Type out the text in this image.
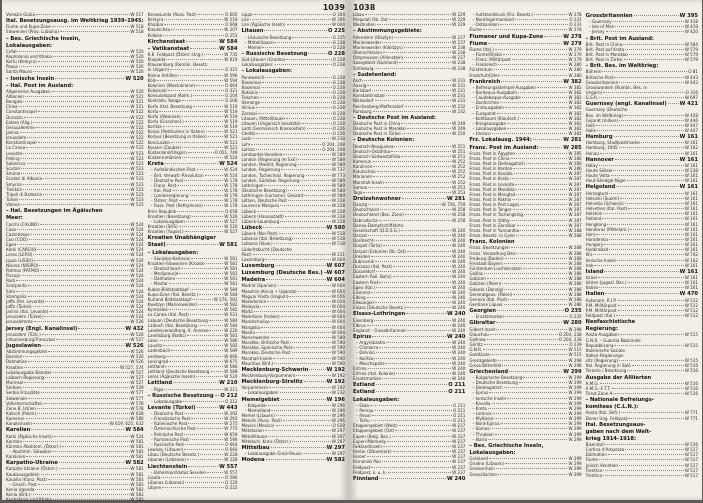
1039
Venezia Giulia	W 517
Ital. Besetzungsausg. im Weltkrieg 1939–1945:
Fiume und Kupa-Zone	W 518
Slowenien (Prov. Lubiana)	W 518
– Bes. Griechische Inseln,
Lokalausgaben:
Cefal	W 520
Kephalonia und Ithaka	W 520
Korfu (Kerkyra)	W 520
Paxos	W 520
Santa Maura	W 520
– Ionische Inseln	W 520
– Ital. Post im Ausland:
Allgemeine Ausgaben	W 520
Albanien	W 521
Bengasi	W 521
China	W 521
Constantinopel	W 522
Durazzo	W 522
Estero (Alig.)	W 522
Gerusalemme	W 522
Janina	W 522
Jerusalem	W 522
Konstantinopel	W 522
La Canea	W 522
Levante	W 523
Peking	W 523
Salonicco	W 523
Scutari	W 523
Smirne	W 523
Scutari di Albania	W 523
Smyrna	W 523
Tientsin	W 523
Tripoli di Barberia	W 523
Türkei	W 523
Valona	W 523
– Ital. Besetzungen im Ägäischen
Meer:
Carchi (CALINO)	W 524
Caso	W 524
Castelrosso	W 524
Coo (COO)	W 524
Egeo	W 524
Karki (CARCHI)	W 524
Leros (LERO)	W 524
Lipso (LISSO)	W 524
Nisiros (NISIRO)	W 524
Patmos (PATMO)	W 524
Piscopi	W 524
Rodi	W 524
Scarpanto	W 524
Simi	W 524
Stampalia	W 524
Jaffa (Pal. Levante)	W 524
Jaffa (Türkei)	W 524
Janina (Ital. Levante)	W 524
Jerusalem (Türkei)	W 524
Jerusalemme	W 526
Jersey (Engl. Kanalinsel)	W 432
Jerusalem (Türk.)	W 526
Johannesburg/Transvaal	W 527
Jugoslawien	W 526
Abstimmungsgebiet	W 526
Bosnien	W 526
Dalmatien	W 526
Kroatien	W 527, 574
Lokalausgabe Banater	W 527
Laibach-Regierung	W 527
Murinsel	W 527
Serbien	W 529
Serbia Frzusätze	W 577
Slowenien	W 577
Volksherrschaften	W 578
Zone B, Istrien	W 578
Kalisch (Polen)	W 628
Kamerun	W 580
Kanaleinseln	W 619, 625, 632
Karelien	W 584
Karki (Ägäische Inseln)	W 524
Karnten	W 581
Kärnten Abstimm. (Österr.)	W 581
– Abstimm. Slowakei	W 581
Karolinen	W 581
Karpatho-Ukraine	W 582
Karpato-Ukraine (Österr.)	W 581
Kaukasusgebiet	W 582
Kavalla (franz. Post)	W 583
– Griech. Post	W 583
Kenia Uganda	W 583
Kenia (Brit.)	W 583
Kephalonia und Ithaka	W 583
Kerassunde (Russ. Post)	O 665
Kerkyra	W 519
Khaibar	O 668
Kiautschou	W 207
Kilikien	O 253
Kirchenstaat	W 584
– Vatikanstaat	W 584
K.K. Feldpost (Österr.-Ung.)	W 735
Klaipėda	W 619
Klausenburg (Rumän. Besetz.
in Ungarn)	O 315
Kleine Antillen	W 596
Köln	W 594
Kolonien (Westukraine)	O 664
Kolozsvár	O 321
Konsulatspost (Kolm.)	O 204
Kontrolle, Kongo	O 206
Korfu (Ital. Besetzung	W 519
Korfu	W 519
Korfu (Albanien)	W 519
Korfu (Griechenl.)	W 519
Koritza	W 519
Korpa (Postkarten in Italien)	W 521
Korpus (Besetzung in Italien)	W 521
Kosciuszko	W 521
Kossen (Zauber)	W 521
Küstenland/Ungarn	O 651, 749
Küstenrumänien	W 524
Kreta	W 524
– Aufständischen-Post	W 524
– Brit. Verwalt.-Revolution	W 524
– Deutsche Post	W 178
– Franz. Post	W 178
– Ital. Post	W 178
– Landesregierung	W 178
– Österr. Post	W 178
– Russ. Post (Rethymnon)	W 178
Krim Republik	O 658
Kroatien (Besetzung)	W 526
– Lokalausgaben	W 527
Kroatien (SHS)	W 526
Kroatien (Yugosl.)	W 527
Kroatien Unabhängiger
Staat)	W 581
– Lokalausgaben:
– Slunjsko-Karlovac	W 581
Kroatien-Slawonien (Kroatie	W 581
– Deutschland	W 581
– Medjumurje	W 581
– Dalmatien	W 581
– Mostar	W 581
Kuban-Bildstaatkopf	W 584
Kupa-Zone (Ital. Besetz.)	W 584
Kurland Bildstaatkopf	W 176, 581
Kwidzyn (Marienwerder)	W 582
Kyrenaika	W 582
La Canea (Ital. Post)	W 521
Labuan (Deutsche Besetzung	W 584
Laibach (Ital. Besetzung	W 584
Landesverwaltung, K. Annexe	W 220
Landisburg (Baltic)	W 581
Laos	W 586
Lausitz	W 582
Ladenbach	W 589
Lemberg	W 666
Leningrad	W 675
Lettland	W 586
Lettland (Deutsche Besetzung	W 588
Leros (Ägäische Inseln)	W 524
Lettland	W 210
– Riga	W 211
– Russische Besetzung O 212
– Lokalausgabe	O 212
Levante (Türkei)	W 443
– Deutsche Post	W 292
– Französische Post	W 264
– Italienische Post	W 275
– Österreichische Post	W 775
– Polnische Post	W 659
– Rumänische Post	W 596
– Russische Post	O 664
Lewissy (Litauen)	O 660
Libau (Deutsche Besetz.)	W 228
Libanon (Lebanon)	W 228
Liechtenstein	W 557
– Bohemian/Vaduz Sevelen	W 557
Liauta	O 586
Libanus (Libanon)	O 220
Libyen	O 222
Lippe	O 304
Lire	W 306
Lire (Ägäische Inseln)	W 604
Litauen	O 225
– Litauische Besetzung	O 225
– Mittellitauen	O 228
– Memel	O 228
– Russische Besetzung	O 228
Süd-Litauen (Grodno)	O 228
Lokalausgaben:	O 228
– Lokalausgaben:
Ponewesch	O 228
Rasseinai	O 228
Raseiniai	O 228
Rokiskis	O 228
Telschen	O 228
Ukmerge	O 228
Vilnius	O 228
Zarasai	O 228
Litauen, Mittellitauen	O 228
Litauen (Ungarisch besetzte)	O 228
Lodz (Germanisch Krasnostam)	O 226
Ghetto	O 226
Lodz	W 238
Lohr	O 204, 208
Lomza	O 204, 208
Lombardei-Venetien	W 589
London (Regierung im Exil)	W 589
London, Madrid, Regierung	W 589
London, Regierung	W 737
London, Tschechosl. Regierung	W 773
London, Südslaw. Regierung	W 589
Lothringen	W 589
(Deutsche Besetzung)	W 589
Lothringen (Lorraine), Gesamt	W 589
Lötzen, Deutsche Post	W 228
Lourenco Marques	W 228
Lübeck	W 228
Lübeck (Hansastadt)	W 228
Lübeck-Lauenburg	W 228
Lübeck	W 580
Lübeck (Nor Post)	W 518
Lubiana (Ital. Besetzung)	W 518
Lubiana (Slow.)	W 518
Lüderitzbucht (Deutsche
Post)	W 211
Luxemburg	W 604
Luxemburg	W 607
Luxemburg (Deutsche Bes.) W 607
Madeira	W 604
Madrid (Spanien)	W 604
Maestrie (Kenia + Uganda)	W 604
Magyar Posta (Ungarn)	W 656
Makedonien	W 604
Malaysia	W 604
Malta	W 604
Malediven (Indien)	W 604
Mandschukuo	W 604
Mangolia	W 604
Manila	W 604
Marienwerder	W 589
Marokko, Britische Post	W 590
Marokko, Spanische Post	W 590
Marokko, Deutsche Post	W 590
Marshall-Inseln	W 590
Mauritius (Brit.)	W 590
Mecklenburg-Schwerin	W 192
Mecklenburg-Vorpommern	W 192
Mecklenburg-Strelitz	W 192
Vorpommern	W 192
– Lokalausgaben	W 232
Memelgebiet	W 196
– Klaipeda	W 296
– Memelland	W 296
Memel (Litauen)	W 296
Metelin (Russ. Post)	W 296
Mexico (Mexico)	O 628
Mittelasien	W 297
Mittellitauen	W 297
Mittelsch. Kreis (Österr.)	W 297
Mittelbau	W 297
– Lokalausgabe Greiz-Reuss	W 297
Modena	W 582
1038
Libau	W 229
Pergolati Ob. Ost	W 229
Westindien	W 229
– Abstimmungsgebiete:
Allenstein (Olsztyn)	W 237
Marienwerder	W 237
Marienwerder (Kwidzyn)	W 238
Oberschlesien	W 238
Ostpreussen (Allenstein)	W 237
Saargebiet (Saarland)	W 238
Schleswig	W 238
– Sudetenland:
Asch	W 231
Aussig	W 231
Karlsbad	W 231
Konstantinsbad	W 231
Niklasdorf	W 231
Reichenberg-Maffersdorf	W 232
Rumburg	W 232
– Deutsche Post im Ausland:
Deutsche Post in China	W 249
Deutsche Post in Marokko	W 249
Deutsche Post in Türkei	W 250
– Deutsche Kolonien:
Deutsch-Neuguinea	W 251
Deutsch-Ostafrika	W 251
Deutsch-Südwestafrika	W 251
Kamerun	W 252
Karolinen	W 252
Kiautschou	W 252
Marianen	W 252
Marshall-Inseln	W 252
Samoa	W 253
Togo	W 253
Dreizehnwohner	W 281
Danzig	W 756, 759
Deutschland	W 258
Deutschland (Bes. Zone)	W 258
Dobrudscha	W 258
Donau-Dampfschiffahrts-
Gesellschaft (D.D.S.G.)	W 240
Dorpat	W 240
Dordrecht	W 240
Dorpat (Tartu)	W 240
Dorpat (Estonien Ob. Ost)	W 240
Dresden	W 240
Dubrovnik	W 240
Durazzo (Ital. Post)	W 240
Düsseldorf	W 240
Eastern Rail. Bohs)	W 240
Eastern Post	W 240
Egeo (Ital.)	W 240
Eisenerz	W 240
Elbing	W 240
Ellwangen	W 240
Elsass (Deutsche Besetz.)	W 240
Elsass-Lothringen	W 240
Eisenberg	W 240
Elbrus	W 240
England – Grossbritannien	W 240
Epirus	W 240
– Argyrokastro	W 240
– Chimarra	W 240
– Delvino	W 240
– Koritza	W 240
– Moschopolis	W 240
Eritrea	W 240
Eritrea (Ital. Kolonie)	W 240
Ersatzmarken	W 240
Estland	O 211
Estland	O 211
Lokalausgaben:
– Elwa	O 211
– Pernau	O 211
– Reval	O 211
– Tartu	O 211
Etappengebiet (West)	W 237
Etappengebiet (Ost)	W 237
Eupen (Belg. Bes.)	W 237
Eupen-Malmedy	W 237
Falklandinseln	W 237
Faröer (Dänemark)	W 237
Faroer	W 237
Fernando Poo	W 237
Feldpost	W 237
Feldpost, k. u. k.	W 237
Finnland	W 240
– Aufstanddruck (Frz. Besetz.)	W 278
– Nordingermanland	O 231
– Ostkarelien	O 231
Fiume	W 278
Fiumaner und Kupa-Zone	W 278
Fiume	W 279
Fiume (Ital.)	W 279
– Fiume/Rijeka	W 279
– Franz. Militärpost	W 279
– Frankreich	W 280
Fürstentum	W 280
Frankfurt/Oder	W 280
Frankreich	W 382
– Befreiungsstempel-Ausgaben	W 382
– Bordeaux-Ausgaben	W 382
– Caudebeque-Ausgabe	W 382
– Dunkirchen	W 382
– Erstausgaben	W 382
– Europarat	W 382
– Kohlbaum (Kiautsch.)	W 382
– Kriegsausgabe	W 382
– Lokalausgaben	W 382
– Unesco	W 382
Frz. Lokalausg. 1944:	W 281
Franz. Post im Ausland:	W 285
Franz. Post in Ägypten	W 285
Franz. Post in China	W 286
Franz. Post in Dedeagatsch	W 286
Franz. Post in Kanton	W 286
Franz. Post in Kavalla	W 287
Franz. Post in Kreta	W 287
Franz. Post in Levante	W 287
Franz. Post in Marokko	W 287
Franz. Post in Mongtsé	W 287
Franz. Post in Pakhoi	W 287
Franz. Post in Port Lagos	W 287
Franz. Post in Tanger	W 287
Franz. Post in Tschongking	W 287
Franz. Post in Vathy	W 287
Franz. Post in Zanzibar	W 287
Franz. Post in Yunnanfou	W 288
Franz. Besetz. in Gyler	W 288
Franz. Kolonien
Franz. Besetzungen	W 288
Franz. Verwaltung Bair	W 288
Freiburg (Baden)	W 288
Freistaat Bayern	W 288
Fürstentum Liechtenstein	W 288
Gaillac	W 288
Galizien	W 288
Galizien (Polen)	W 288
Gdansk (Danzig)	W 288
Generalgouv. (Polen)	W 288
Genova (Ital. Post)	W 288
Gentiane Liques	W 288
Georgien	O 235
– Ersatzmarken	O 235
Gibraltar	W 280
Gilbert Inseln	W 298
Glauchau	O 204, 238
Gollnow	O 204, 238
Görlitz	O 239
G.N.R.	W 515
Goldküste	W 515
Grenzgebiete	W 298
Gross-Bitterfeld	W 298
Griechenland	W 299
– Bulgarische Besetzung	W 299
– Deutsche Besetzung	W 299
– Dedeagatsch	W 299
– Epirus	W 299
– Ionische Inseln	W 299
– Kavalla	W 299
– Kreta	W 299
– Lemnos	W 299
– Mytilene	W 299
– Nord-Epirus	W 299
– Samos	W 299
– Thrakien	W 299
– Ikaria	W 299
– Bes. Griechische Inseln,
Lokalausgaben:
Grönland	W 299
Grodno (Litauen)	W 299
Grossenhain	W 299
Grossräschen	W 299
Grossbritannien	W 395
– Guernsey	W 418
– Isle of Man	W 419
– Jersey	W 420
– Brit. Post im Ausland:
Brit. Post in China	W 584
Brit. Post auf Kreta	W 579
Brit. Post in Marokko	W 579
Brit. Post in Türkei	W 579
– Brit. Bes. im Weltkrieg:
Bahrein	O 81
Britische Post	W 443
Grossbritannien	W 443
Grosswardein (Rumän. Bes. in
Ungarn)	O 316
G.S.R.	W 697
Guernsey (engl. Kanalinsel) W 421
Guernsey (Deutsche
Bes. im Weltkrieg)	W 428
Gujarat (Indien)	W 446
Haiti	W 447
Halle	W 447
Hamburg	W 161
Hamburg, Stadtpostmarke	W 161
Hamburg, 1945	W 162
Hanau	W 161
Hannover	W 161
Hatay	W 161
Haute Silésie	W 238
Haute Volta	W 161
Haut-Sénégal-Niger	W 161
Helgoland	W 161
Herzogtum	W 161
Helsinki (Suomi)	W 161
Helvetia (Schweiz)	W 161
Helvetien (Ital. Post)	W 161
Holstein	W 161
Holland	W 161
Hongkong	W 161
Honduras (Mittelam.)	W 161
Horn	W 161
Horodenka	W 161
Hungary	W 161
Hyderabad	W 161
Ifni	W 742
Ionische Inseln	W 162
Irak	W 161
Island	W 161
Israel	W 161
Istrien (Jugosl. Bes.)	W 161
Italien	W 161
Italien	W 470
Autonom. R.I.P.	W 512
P.M. Militärpost	W 512
P.M. Militärpost	W 512
Feldpost (Ital.)	W 512
Neofaschistische
Regierung:
Aosta-Ausgaben	W 515
G.N.R. – Guardia Nazionale
Repubblicana	W 515
Italienische Soziale
Italien-Regierungs-
sitz (Regierung)	W 515
Ital. Regierung in Salò	W 516
Teramo / Besetzung	W 516
Ausgabe der Alliierten
A.M.G.	W 516
A.M.G.–F.T.T.	W 516
Triest Zone A	W 516
– Nationale Befreiungs-
komitees (C.L.N.):
Aosta (Ital. Befr.)	W 771
Doren Ung. Feldpost	W 771
Ital. Besetzungsaus-
gaben nach dem Welt-
krieg 1914–1918:
Bisenduf	W 516
Cortina d'Ampezzo	W 517
Dalmatien	W 517
Fiume	W 517
Julisch Venetien	W 517
Trentino	W 517
Trentino	W 517
